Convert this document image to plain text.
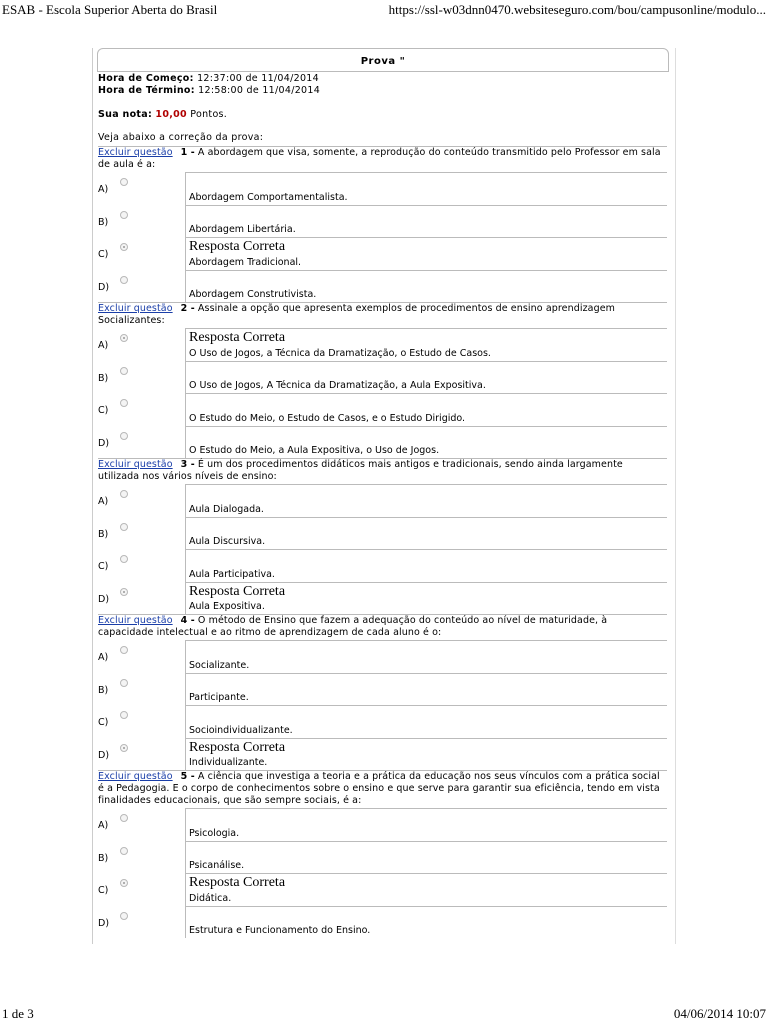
ESAB - Escola Superior Aberta do Brasil	https://ssl-w03dnn0470.websiteseguro.com/bou/campusonline/modulo...
Prova "
Hora de Começo: 12:37:00 de 11/04/2014
Hora de Término: 12:58:00 de 11/04/2014
Sua nota: 10,00 Pontos.
Veja abaixo a correção da prova:
Excluir questão 1 - A abordagem que visa, somente, a reprodução do conteúdo transmitido pelo Professor em sala de aula é a:
A)
Abordagem Comportamentalista.
B)
Abordagem Libertária.
C)
Resposta Correta
Abordagem Tradicional.
D)
Abordagem Construtivista.
Excluir questão 2 - Assinale a opção que apresenta exemplos de procedimentos de ensino aprendizagem Socializantes:
A)
Resposta Correta
O Uso de Jogos, a Técnica da Dramatização, o Estudo de Casos.
B)
O Uso de Jogos, A Técnica da Dramatização, a Aula Expositiva.
C)
O Estudo do Meio, o Estudo de Casos, e o Estudo Dirigido.
D)
O Estudo do Meio, a Aula Expositiva, o Uso de Jogos.
Excluir questão 3 - É um dos procedimentos didáticos mais antigos e tradicionais, sendo ainda largamente utilizada nos vários níveis de ensino:
A)
Aula Dialogada.
B)
Aula Discursiva.
C)
Aula Participativa.
D)
Resposta Correta
Aula Expositiva.
Excluir questão 4 - O método de Ensino que fazem a adequação do conteúdo ao nível de maturidade, à capacidade intelectual e ao ritmo de aprendizagem de cada aluno é o:
A)
Socializante.
B)
Participante.
C)
Socioindividualizante.
D)
Resposta Correta
Individualizante.
Excluir questão 5 - A ciência que investiga a teoria e a prática da educação nos seus vínculos com a prática social é a Pedagogia. E o corpo de conhecimentos sobre o ensino e que serve para garantir sua eficiência, tendo em vista finalidades educacionais, que são sempre sociais, é a:
A)
Psicologia.
B)
Psicanálise.
C)
Resposta Correta
Didática.
D)
Estrutura e Funcionamento do Ensino.
1 de 3	04/06/2014 10:07
